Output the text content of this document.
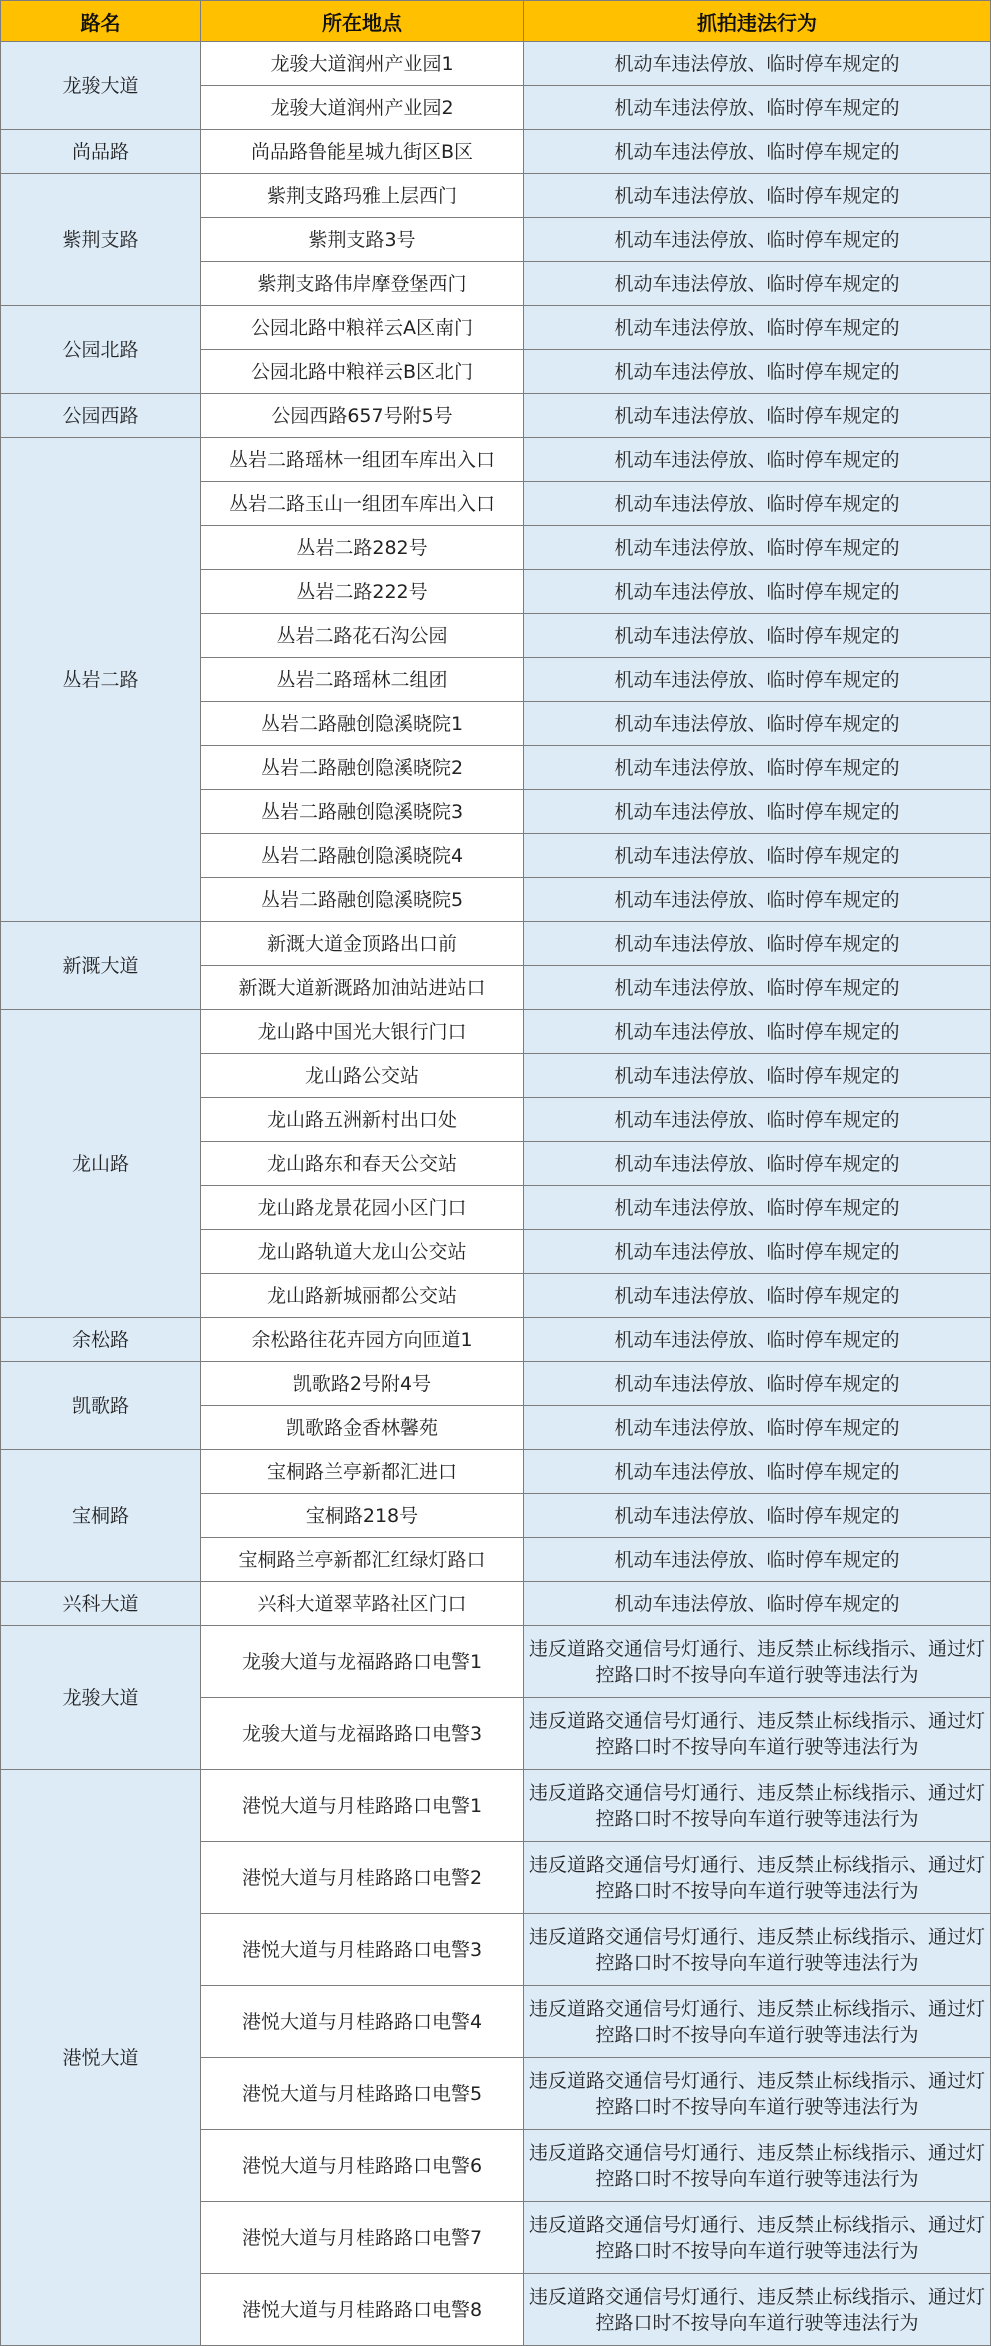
路名	所在地点	抓拍违法行为
龙骏大道	龙骏大道润州产业园1	机动车违法停放、临时停车规定的
	龙骏大道润州产业园2	机动车违法停放、临时停车规定的
尚品路	尚品路鲁能星城九街区B区	机动车违法停放、临时停车规定的
紫荆支路	紫荆支路玛雅上层西门	机动车违法停放、临时停车规定的
	紫荆支路3号	机动车违法停放、临时停车规定的
	紫荆支路伟岸摩登堡西门	机动车违法停放、临时停车规定的
公园北路	公园北路中粮祥云A区南门	机动车违法停放、临时停车规定的
	公园北路中粮祥云B区北门	机动车违法停放、临时停车规定的
公园西路	公园西路657号附5号	机动车违法停放、临时停车规定的
丛岩二路	丛岩二路瑶林一组团车库出入口	机动车违法停放、临时停车规定的
	丛岩二路玉山一组团车库出入口	机动车违法停放、临时停车规定的
	丛岩二路282号	机动车违法停放、临时停车规定的
	丛岩二路222号	机动车违法停放、临时停车规定的
	丛岩二路花石沟公园	机动车违法停放、临时停车规定的
	丛岩二路瑶林二组团	机动车违法停放、临时停车规定的
	丛岩二路融创隐溪晓院1	机动车违法停放、临时停车规定的
	丛岩二路融创隐溪晓院2	机动车违法停放、临时停车规定的
	丛岩二路融创隐溪晓院3	机动车违法停放、临时停车规定的
	丛岩二路融创隐溪晓院4	机动车违法停放、临时停车规定的
	丛岩二路融创隐溪晓院5	机动车违法停放、临时停车规定的
新溉大道	新溉大道金顶路出口前	机动车违法停放、临时停车规定的
	新溉大道新溉路加油站进站口	机动车违法停放、临时停车规定的
龙山路	龙山路中国光大银行门口	机动车违法停放、临时停车规定的
	龙山路公交站	机动车违法停放、临时停车规定的
	龙山路五洲新村出口处	机动车违法停放、临时停车规定的
	龙山路东和春天公交站	机动车违法停放、临时停车规定的
	龙山路龙景花园小区门口	机动车违法停放、临时停车规定的
	龙山路轨道大龙山公交站	机动车违法停放、临时停车规定的
	龙山路新城丽都公交站	机动车违法停放、临时停车规定的
余松路	余松路往花卉园方向匝道1	机动车违法停放、临时停车规定的
凯歌路	凯歌路2号附4号	机动车违法停放、临时停车规定的
	凯歌路金香林馨苑	机动车违法停放、临时停车规定的
宝桐路	宝桐路兰亭新都汇进口	机动车违法停放、临时停车规定的
	宝桐路218号	机动车违法停放、临时停车规定的
	宝桐路兰亭新都汇红绿灯路口	机动车违法停放、临时停车规定的
兴科大道	兴科大道翠苹路社区门口	机动车违法停放、临时停车规定的
龙骏大道	龙骏大道与龙福路路口电警1	违反道路交通信号灯通行、违反禁止标线指示、通过灯控路口时不按导向车道行驶等违法行为
	龙骏大道与龙福路路口电警3	违反道路交通信号灯通行、违反禁止标线指示、通过灯控路口时不按导向车道行驶等违法行为
港悦大道	港悦大道与月桂路路口电警1	违反道路交通信号灯通行、违反禁止标线指示、通过灯控路口时不按导向车道行驶等违法行为
	港悦大道与月桂路路口电警2	违反道路交通信号灯通行、违反禁止标线指示、通过灯控路口时不按导向车道行驶等违法行为
	港悦大道与月桂路路口电警3	违反道路交通信号灯通行、违反禁止标线指示、通过灯控路口时不按导向车道行驶等违法行为
	港悦大道与月桂路路口电警4	违反道路交通信号灯通行、违反禁止标线指示、通过灯控路口时不按导向车道行驶等违法行为
	港悦大道与月桂路路口电警5	违反道路交通信号灯通行、违反禁止标线指示、通过灯控路口时不按导向车道行驶等违法行为
	港悦大道与月桂路路口电警6	违反道路交通信号灯通行、违反禁止标线指示、通过灯控路口时不按导向车道行驶等违法行为
	港悦大道与月桂路路口电警7	违反道路交通信号灯通行、违反禁止标线指示、通过灯控路口时不按导向车道行驶等违法行为
	港悦大道与月桂路路口电警8	违反道路交通信号灯通行、违反禁止标线指示、通过灯控路口时不按导向车道行驶等违法行为
